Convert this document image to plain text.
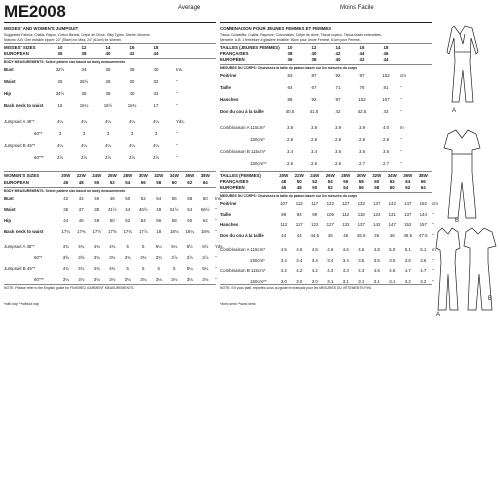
ME2008	Average	Moins Facile
MISSES' AND WOMEN'S JUMPSUIT
Suggested Fabrics: Challis, Rayon, Cotton Blends, Crepe de Chine, Silky Types, Stretch Wovens.
Notions: A,B: One invisible zipper: 22" (56cm) for Miss, 24" (61cm) for Women.
MISSES' SIZES	10	12	14	16	18
EUROPEAN	36	38	40	42	44
BODY MEASUREMENTS: Select pattern size based on body measurements
Bust	32½	34	36	38	40	Ins.
Waist	25	26½	28	30	32	"
Hip	34½	36	38	40	42	"
Back neck to waist	16	16¼	16½	16¾	17	"
Jumpsuit A 45"*	4¼	4¼	4¼	4¼	4¼	Yds.
60"*	3	3	3	3	3	"
Jumpsuit B 45"*	4¼	4¼	4¼	4¼	4¼	"
60"**	2⅞	2⅞	2⅞	2⅞	2⅞	"
WOMEN'S SIZES	20W 22W 24W 26W 28W 30W 32W 34W 36W 38W
EUROPEAN	46 48 50 52 54 56 58 60 62 64
BODY MEASUREMENTS: Select pattern size based on body measurements
Bust	42 44 46 48 50 52 54 56 58 60	Ins.
Waist	35 37 39 41½ 44 46½ 49 51½ 54 56½	"
Hip	44 46 48 50 52 54 56 58 60 62	"
Back neck to waist	17¼ 17⅜ 17½ 17⅝ 17¾ 17⅞ 18 18⅛ 18¼ 18⅜	"
Jumpsuit A 45"*	4¾ 4¾ 4¾ 4¾	5	5	5¼ 5¼ 5½ 5½	Yds.
60"*	3⅝ 3⅝ 3¾ 3¾ 3¾ 3¾ 3¾ 3⅞ 3⅞ 3⅞	"
Jumpsuit B 45"*	4¾ 4¾ 4¾ 4¾	5	5	5	5	5¼ 5¼	"
60"**	3⅛ 3⅛ 3⅛ 3⅛ 3⅛ 3⅛ 3⅛ 3⅛ 3⅛ 3⅛	"
NOTE: Please refer to the English guide for FINISHED GARMENT MEASUREMENTS.
*with nap **without nap
COMBINAISON POUR JEUNES FEMMES ET FEMMES
Tissus Conseillés: Challis, Rayonne, Cotonnades, Crêpe de chine, Tissus soyeux, Tissus tissés extensibles.
Mercerie: A,B: 1 fermeture à glissière invisible: 56cm pour Jeune Femme, 61cm pour Femme.
TAILLES (JEUNES FEMMES)	10	12	14	16	18
FRANÇAISES	38	40	42	44	46
EUROPÉEN	36	38	40	42	44
MESURES DU CORPS: Choisissez la taille du patron basée sur les mesures du corps
Poitrine	83	87	92	97	102	cm
Taille	64	67	71	76	81	"
Hanches	88	92	97	102	107	"
Dos du cou à la taille	40.5	41.5	42	42.5	43	"
Combinaison A 115cm*	3.8	3.8	3.9	3.9	4.0	m
150cm*	2.8	2.8	2.8	2.8	2.8	"
Combinaison B 115cm*	3.4	3.4	3.5	3.5	3.5	"
150cm**	2.6	2.6	2.6	2.7	2.7	"
TAILLES (FEMMES)	20W 22W 24W 26W 28W 30W 32W 34W 36W 38W
FRANÇAISES	48 50 52 54 56 58 60 62 64 66
EUROPÉEN	46 48 50 52 54 56 58 60 62 64
MESURES DU CORPS: Choisissez la taille du patron basée sur les mesures du corps
Poitrine	107 112 117 122 127 132 137 142 147 152	cm
Taille	89 94 99 105 112 118 124 131 137 144	"
Hanches	112 117 122 127 132 137 142 147 152 157	"
Dos du cou à la taille	44 44 44.5 45 45 45.5 46 46 46.5 47.5	"
Combinaison A 115cm*	4.5 4.5 4.5 4.6 4.6 4.6 4.8 5.0 5.1 5.1	m
150cm*	3.4 3.4 3.4 3.4 3.4 3.5 3.5 3.5 3.6 3.6	"
Combinaison B 115cm*	4.2 4.2 4.2 4.3 4.3 4.3 4.5 4.5 4.7 4.7	"
150cm**	3.0 3.0 3.0 3.1 3.1 3.1 3.1 3.1 3.2 3.2	"
NOTE: S'il vous plaît, reportez-vous au guide en français pour les MESURES DU VÊTEMENTS FINI.
*avec sens **sans sens
A
B
A
B
